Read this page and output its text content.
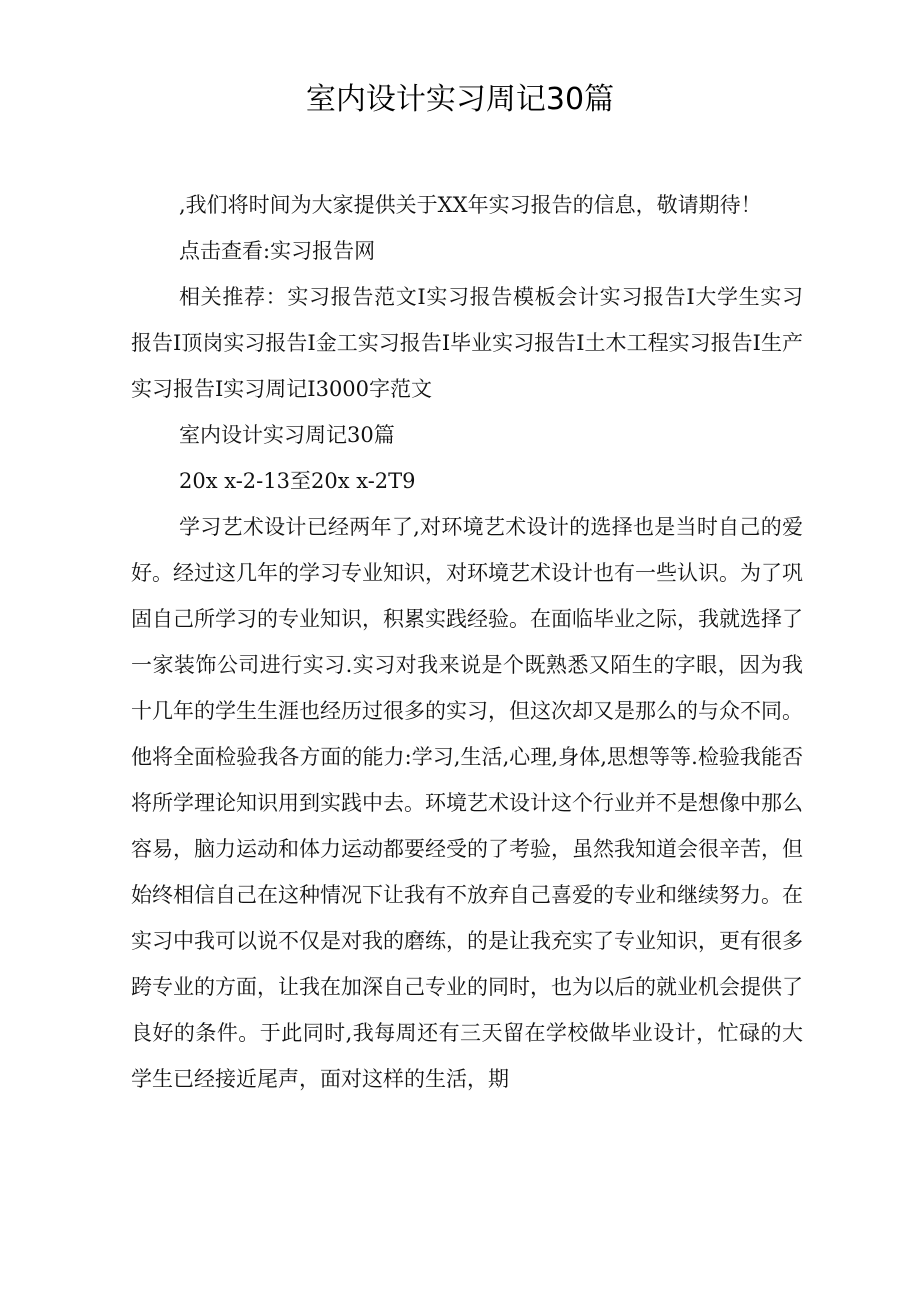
室内设计实习周记30篇

,我们将时间为大家提供关于XX年实习报告的信息，敬请期待！

点击查看:实习报告网

相关推荐：实习报告范文I实习报告模板会计实习报告I大学生实习报告I顶岗实习报告I金工实习报告I毕业实习报告I土木工程实习报告I生产实习报告I实习周记I3000字范文

室内设计实习周记30篇

20x x-2-13至20x x-2T9

学习艺术设计已经两年了,对环境艺术设计的选择也是当时自己的爱好。经过这几年的学习专业知识，对环境艺术设计也有一些认识。为了巩固自己所学习的专业知识，积累实践经验。在面临毕业之际，我就选择了一家装饰公司进行实习.实习对我来说是个既熟悉又陌生的字眼，因为我十几年的学生生涯也经历过很多的实习，但这次却又是那么的与众不同。他将全面检验我各方面的能力:学习,生活,心理,身体,思想等等.检验我能否将所学理论知识用到实践中去。环境艺术设计这个行业并不是想像中那么容易，脑力运动和体力运动都要经受的了考验，虽然我知道会很辛苦，但始终相信自己在这种情况下让我有不放弃自己喜爱的专业和继续努力。在实习中我可以说不仅是对我的磨练，的是让我充实了专业知识，更有很多跨专业的方面，让我在加深自己专业的同时，也为以后的就业机会提供了良好的条件。于此同时,我每周还有三天留在学校做毕业设计，忙碌的大学生已经接近尾声，面对这样的生活，期
